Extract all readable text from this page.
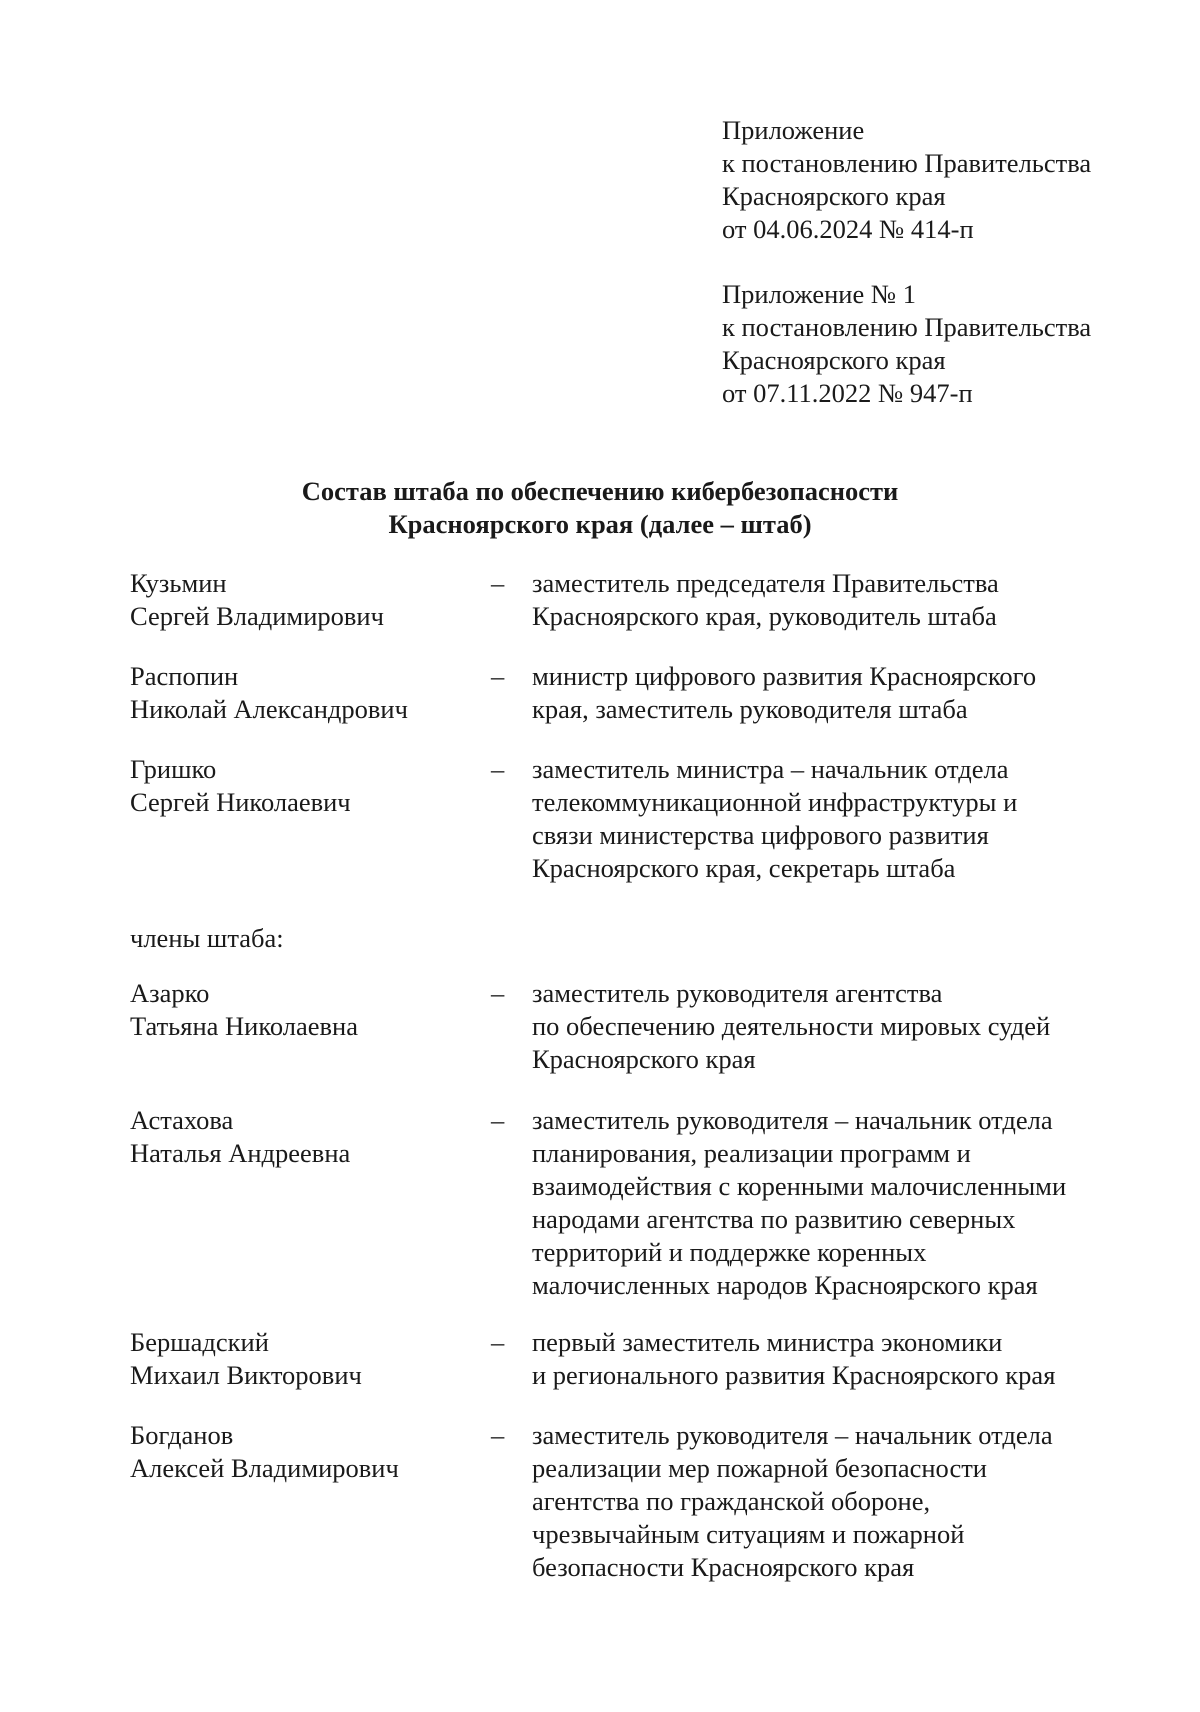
Приложение
к постановлению Правительства
Красноярского края
от 04.06.2024 № 414-п
Приложение № 1
к постановлению Правительства
Красноярского края
от 07.11.2022 № 947-п
Состав штаба по обеспечению кибербезопасности
Красноярского края (далее – штаб)
Кузьмин
Сергей Владимирович
– заместитель председателя Правительства
Красноярского края, руководитель штаба
Распопин
Николай Александрович
– министр цифрового развития Красноярского
края, заместитель руководителя штаба
Гришко
Сергей Николаевич
– заместитель министра – начальник отдела
телекоммуникационной инфраструктуры и
связи министерства цифрового развития
Красноярского края, секретарь штаба
члены штаба:
Азарко
Татьяна Николаевна
– заместитель руководителя агентства
по обеспечению деятельности мировых судей
Красноярского края
Астахова
Наталья Андреевна
– заместитель руководителя – начальник отдела
планирования, реализации программ и
взаимодействия с коренными малочисленными
народами агентства по развитию северных
территорий и поддержке коренных
малочисленных народов Красноярского края
Бершадский
Михаил Викторович
– первый заместитель министра экономики
и регионального развития Красноярского края
Богданов
Алексей Владимирович
– заместитель руководителя – начальник отдела
реализации мер пожарной безопасности
агентства по гражданской обороне,
чрезвычайным ситуациям и пожарной
безопасности Красноярского края
